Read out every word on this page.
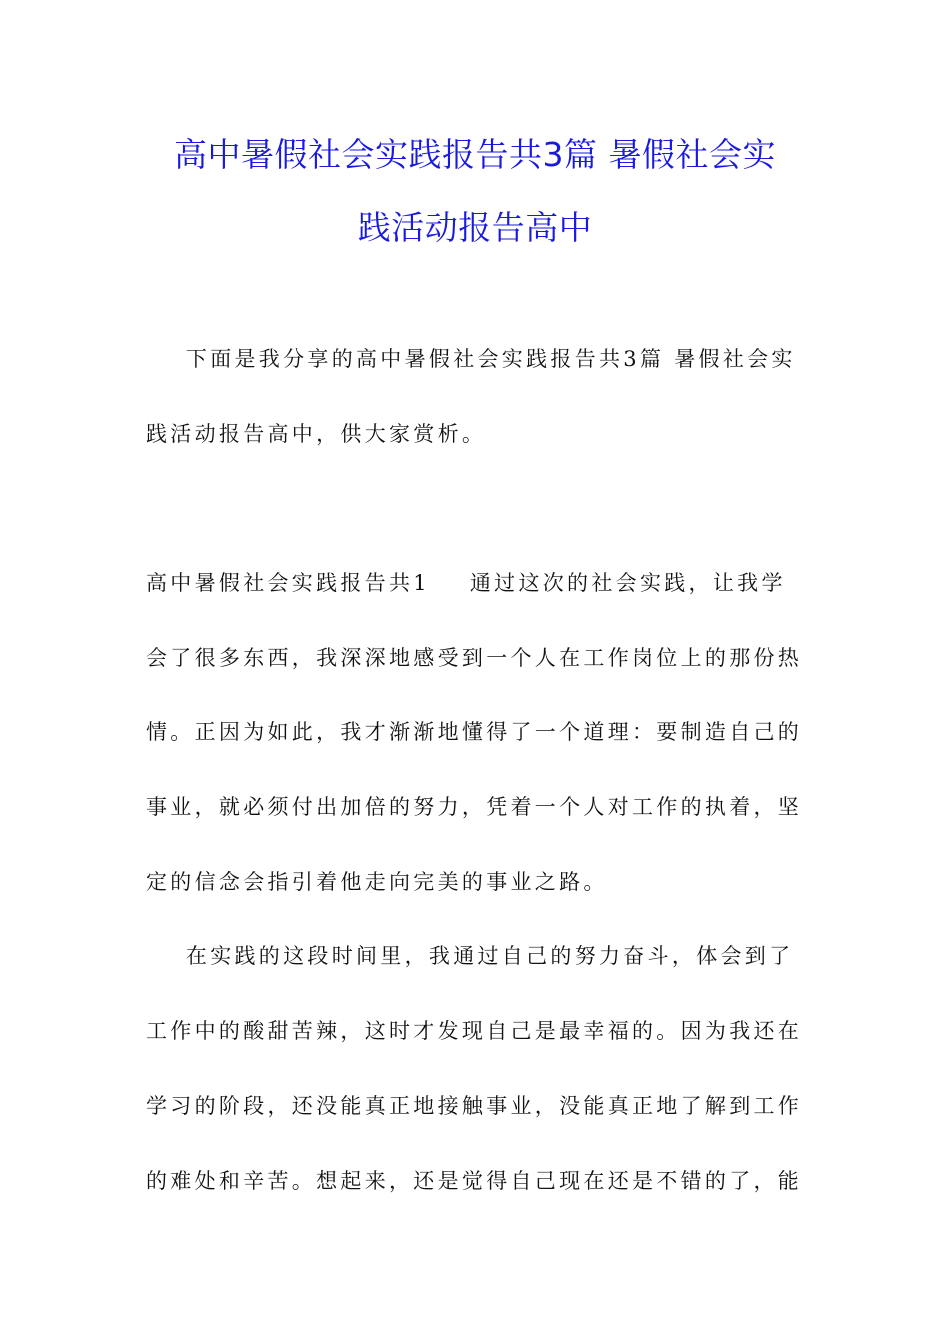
高中暑假社会实践报告共3篇 暑假社会实
践活动报告高中
下面是我分享的高中暑假社会实践报告共3篇 暑假社会实
践活动报告高中，供大家赏析。
高中暑假社会实践报告共1    通过这次的社会实践，让我学
会了很多东西，我深深地感受到一个人在工作岗位上的那份热
情。正因为如此，我才渐渐地懂得了一个道理：要制造自己的
事业，就必须付出加倍的努力，凭着一个人对工作的执着，坚
定的信念会指引着他走向完美的事业之路。
在实践的这段时间里，我通过自己的努力奋斗，体会到了
工作中的酸甜苦辣，这时才发现自己是最幸福的。因为我还在
学习的阶段，还没能真正地接触事业，没能真正地了解到工作
的难处和辛苦。想起来，还是觉得自己现在还是不错的了，能
